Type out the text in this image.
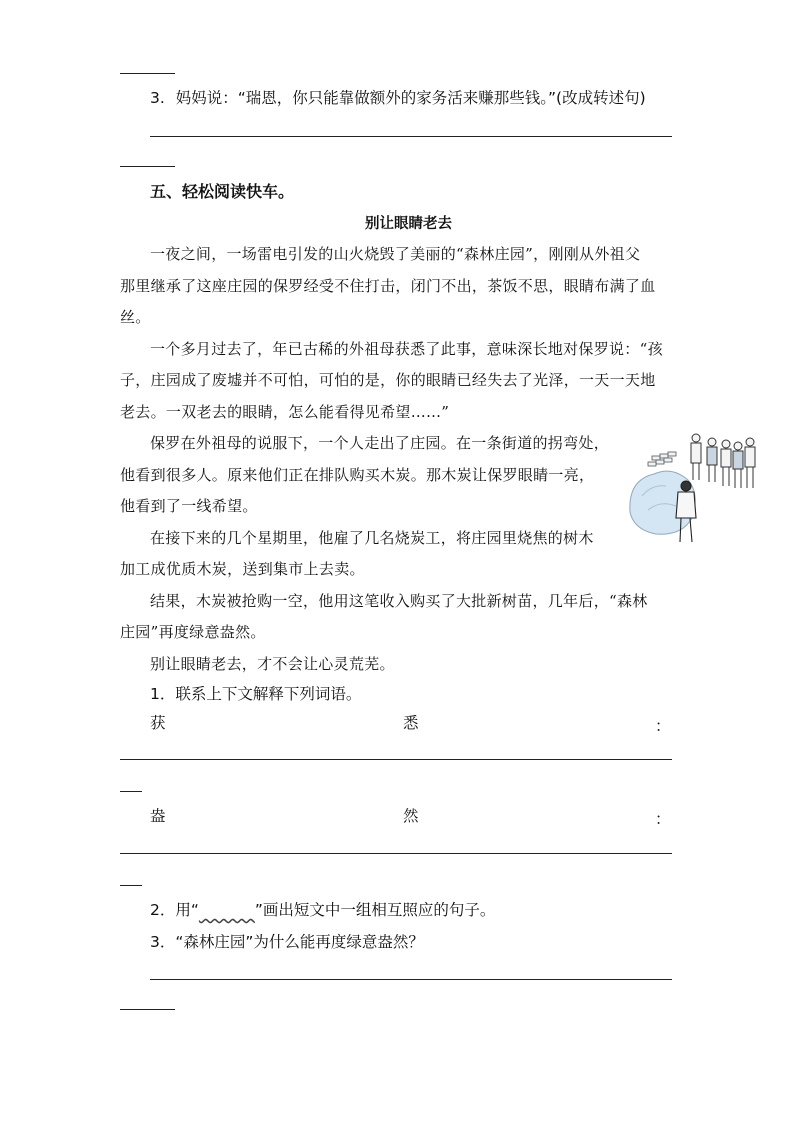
3. 妈妈说：“瑞恩，你只能靠做额外的家务活来赚那些钱。”(改成转述句)
五、轻松阅读快车。
别让眼睛老去
一夜之间，一场雷电引发的山火烧毁了美丽的“森林庄园”，刚刚从外祖父
那里继承了这座庄园的保罗经受不住打击，闭门不出，茶饭不思，眼睛布满了血
丝。
一个多月过去了，年已古稀的外祖母获悉了此事，意味深长地对保罗说：“孩
子，庄园成了废墟并不可怕，可怕的是，你的眼睛已经失去了光泽，一天一天地
老去。一双老去的眼睛，怎么能看得见希望……”
保罗在外祖母的说服下，一个人走出了庄园。在一条街道的拐弯处，
他看到很多人。原来他们正在排队购买木炭。那木炭让保罗眼睛一亮，
他看到了一线希望。
在接下来的几个星期里，他雇了几名烧炭工，将庄园里烧焦的树木
加工成优质木炭，送到集市上去卖。
结果，木炭被抢购一空，他用这笔收入购买了大批新树苗，几年后，“森林
庄园”再度绿意盎然。
别让眼睛老去，才不会让心灵荒芜。
1．联系上下文解释下列词语。
获	悉	：
盎	然	：
2．用“	”画出短文中一组相互照应的句子。
3．“森林庄园”为什么能再度绿意盎然？
